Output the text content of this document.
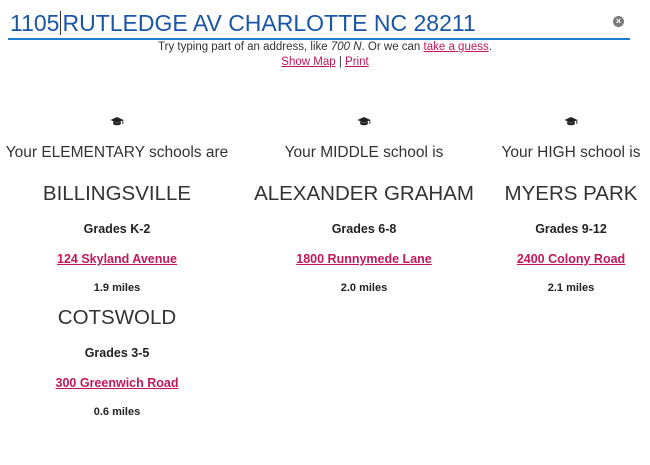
1105 RUTLEDGE AV CHARLOTTE NC 28211	×
Try typing part of an address, like 700 N. Or we can take a guess.
Show Map | Print
Your ELEMENTARY schools are
BILLINGSVILLE
Grades K-2
124 Skyland Avenue
1.9 miles
COTSWOLD
Grades 3-5
300 Greenwich Road
0.6 miles
Your MIDDLE school is
ALEXANDER GRAHAM
Grades 6-8
1800 Runnymede Lane
2.0 miles
Your HIGH school is
MYERS PARK
Grades 9-12
2400 Colony Road
2.1 miles
